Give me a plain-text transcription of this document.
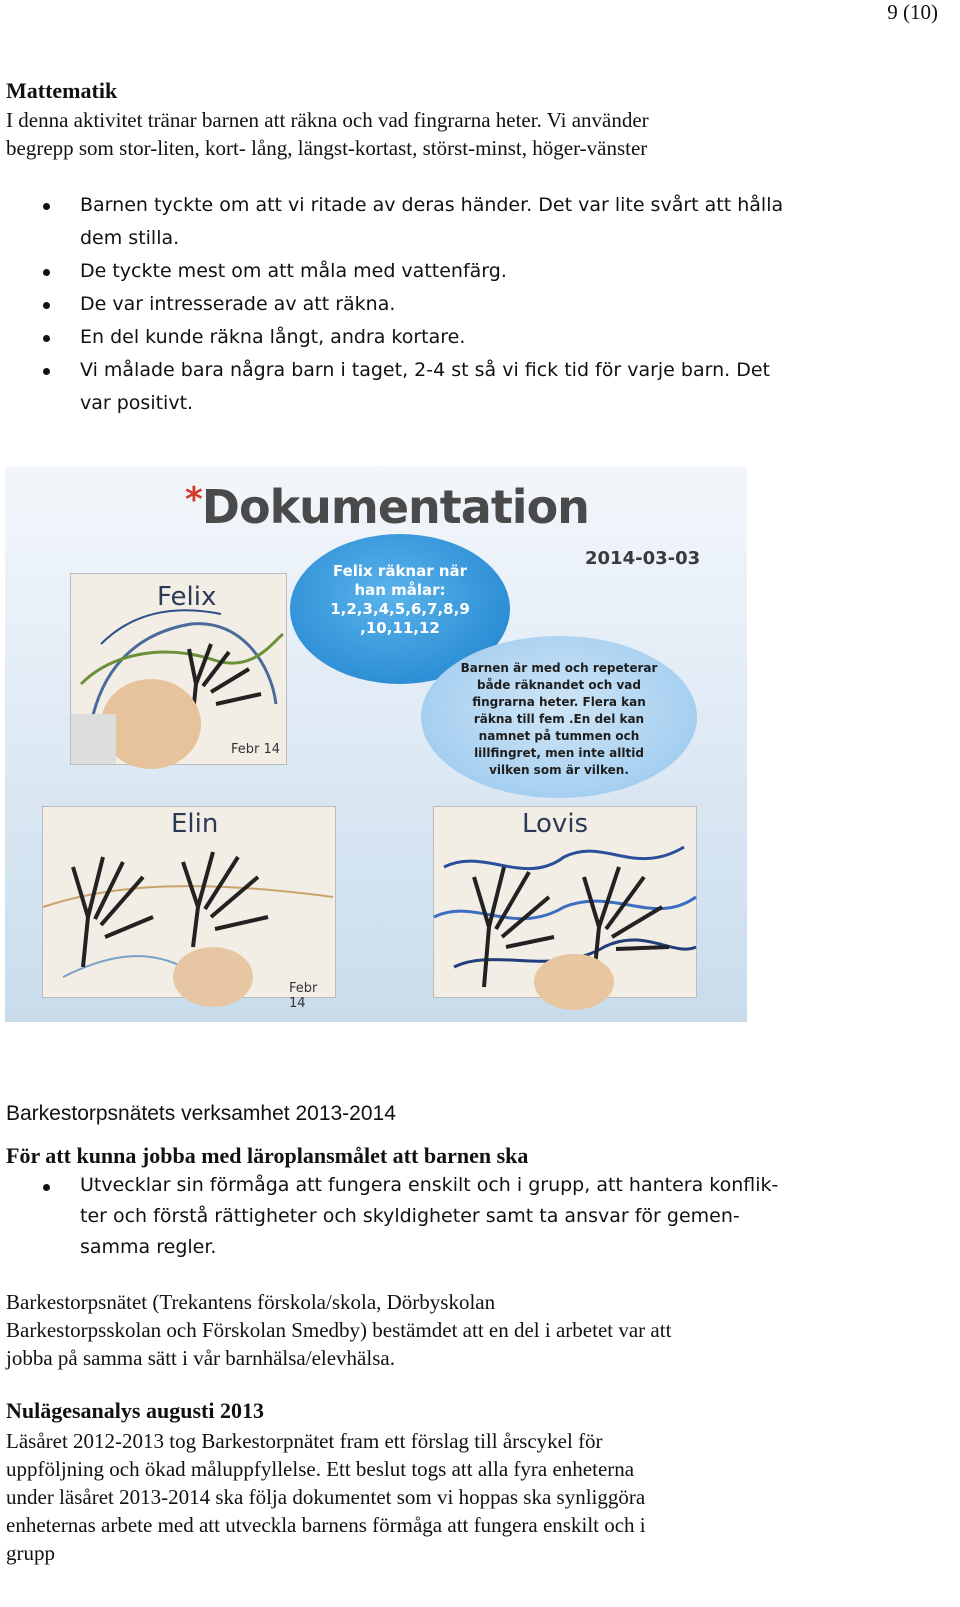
9 (10)
Mattematik
I denna aktivitet tränar barnen att räkna och vad fingrarna heter. Vi använder
begrepp som stor-liten, kort- lång, längst-kortast, störst-minst, höger-vänster
Barnen tyckte om att vi ritade av deras händer. Det var lite svårt att hålla
dem stilla.
De tyckte mest om att måla med vattenfärg.
De var intresserade av att räkna.
En del kunde räkna långt, andra kortare.
Vi målade bara några barn i taget, 2-4 st så vi fick tid för varje barn. Det
var positivt.
*Dokumentation
2014-03-03
Felix
Febr 14
Elin
Febr 14
Lovis
Felix räknar när
han målar:
1,2,3,4,5,6,7,8,9
,10,11,12
Barnen är med och repeterar
både räknandet och vad
fingrarna heter. Flera kan
räkna till fem .En del kan
namnet på tummen och
lillfingret, men inte alltid
vilken som är vilken.
Barkestorpsnätets verksamhet 2013-2014
För att kunna jobba med läroplansmålet att barnen ska
Utvecklar sin förmåga att fungera enskilt och i grupp, att hantera konflik-
ter och förstå rättigheter och skyldigheter samt ta ansvar för gemen-
samma regler.
Barkestorpsnätet (Trekantens förskola/skola, Dörbyskolan
Barkestorpsskolan och Förskolan Smedby) bestämdet att en del i arbetet var att
jobba på samma sätt i vår barnhälsa/elevhälsa.
Nulägesanalys augusti 2013
Läsåret 2012-2013 tog Barkestorpnätet fram ett förslag till årscykel för
uppföljning och ökad måluppfyllelse. Ett beslut togs att alla fyra enheterna
under läsåret 2013-2014 ska följa dokumentet som vi hoppas ska synliggöra
enheternas arbete med att utveckla barnens förmåga att fungera enskilt och i
grupp
